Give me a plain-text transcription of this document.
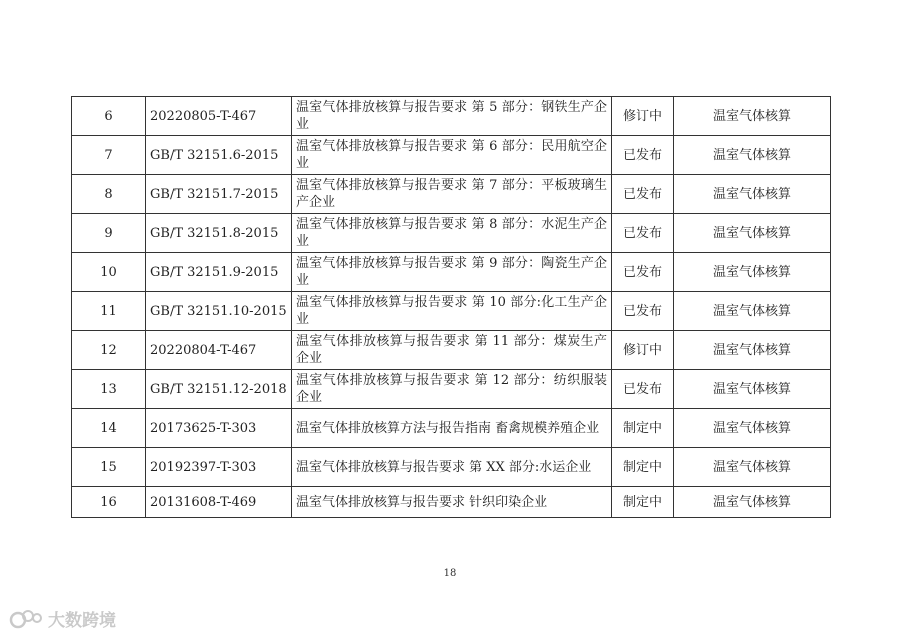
6	20220805-T-467	温室气体排放核算与报告要求 第 5 部分：钢铁生产企业	修订中	温室气体核算
7	GB/T 32151.6-2015	温室气体排放核算与报告要求 第 6 部分：民用航空企业	已发布	温室气体核算
8	GB/T 32151.7-2015	温室气体排放核算与报告要求 第 7 部分：平板玻璃生产企业	已发布	温室气体核算
9	GB/T 32151.8-2015	温室气体排放核算与报告要求 第 8 部分：水泥生产企业	已发布	温室气体核算
10	GB/T 32151.9-2015	温室气体排放核算与报告要求 第 9 部分：陶瓷生产企业	已发布	温室气体核算
11	GB/T 32151.10-2015	温室气体排放核算与报告要求 第 10 部分:化工生产企业	已发布	温室气体核算
12	20220804-T-467	温室气体排放核算与报告要求 第 11 部分：煤炭生产企业	修订中	温室气体核算
13	GB/T 32151.12-2018	温室气体排放核算与报告要求 第 12 部分：纺织服装企业	已发布	温室气体核算
14	20173625-T-303	温室气体排放核算方法与报告指南 畜禽规模养殖企业	制定中	温室气体核算
15	20192397-T-303	温室气体排放核算与报告要求 第 XX 部分:水运企业	制定中	温室气体核算
16	20131608-T-469	温室气体排放核算与报告要求 针织印染企业	制定中	温室气体核算
18
大数跨境
